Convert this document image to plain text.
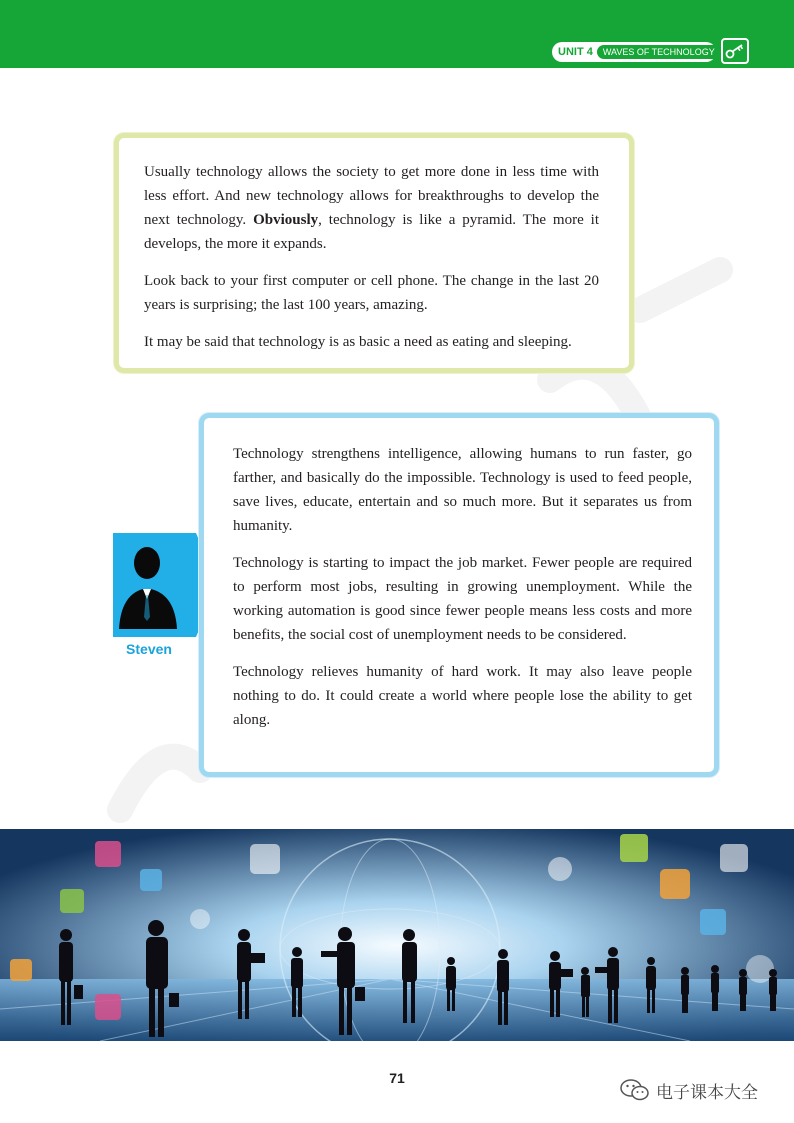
UNIT 4	WAVES OF TECHNOLOGY

Usually technology allows the society to get more done in less time with less effort. And new technology allows for breakthroughs to develop the next technology. Obviously, technology is like a pyramid. The more it develops, the more it expands.

Look back to your first computer or cell phone. The change in the last 20 years is surprising; the last 100 years, amazing.

It may be said that technology is as basic a need as eating and sleeping.

Steven

Technology strengthens intelligence, allowing humans to run faster, go farther, and basically do the impossible. Technology is used to feed people, save lives, educate, entertain and so much more. But it separates us from humanity.

Technology is starting to impact the job market. Fewer people are required to perform most jobs, resulting in growing unemployment. While the working automation is good since fewer people means less costs and more benefits, the social cost of unemployment needs to be considered.

Technology relieves humanity of hard work. It may also leave people nothing to do. It could create a world where people lose the ability to get along.

71
电子课本大全
